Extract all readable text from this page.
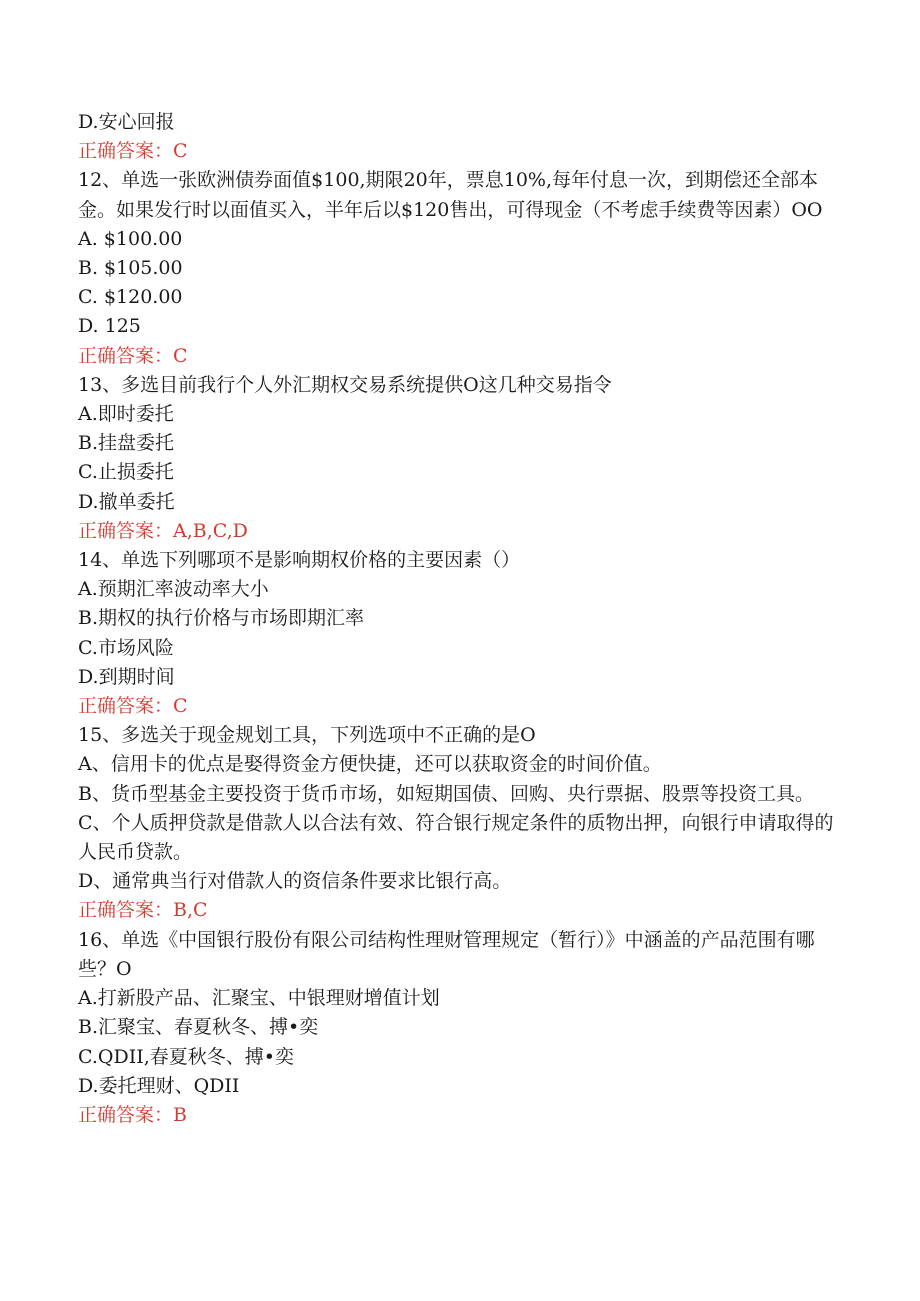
D.安心回报
正确答案：C
12、单选一张欧洲债券面值$100,期限20年，票息10%,每年付息一次，到期偿还全部本金。如果发行时以面值买入，半年后以$120售出，可得现金（不考虑手续费等因素）OO
A. $100.00
B. $105.00
C. $120.00
D. 125
正确答案：C
13、多选目前我行个人外汇期权交易系统提供O这几种交易指令
A.即时委托
B.挂盘委托
C.止损委托
D.撤单委托
正确答案：A,B,C,D
14、单选下列哪项不是影响期权价格的主要因素（）
A.预期汇率波动率大小
B.期权的执行价格与市场即期汇率
C.市场风险
D.到期时间
正确答案：C
15、多选关于现金规划工具，下列选项中不正确的是O
A、信用卡的优点是娶得资金方便快捷，还可以获取资金的时间价值。
B、货币型基金主要投资于货币市场，如短期国债、回购、央行票据、股票等投资工具。
C、个人质押贷款是借款人以合法有效、符合银行规定条件的质物出押，向银行申请取得的人民币贷款。
D、通常典当行对借款人的资信条件要求比银行高。
正确答案：B,C
16、单选《中国银行股份有限公司结构性理财管理规定（暂行）》中涵盖的产品范围有哪些？O
A.打新股产品、汇聚宝、中银理财增值计划
B.汇聚宝、春夏秋冬、搏•奕
C.QDII,春夏秋冬、搏•奕
D.委托理财、QDII
正确答案：B
